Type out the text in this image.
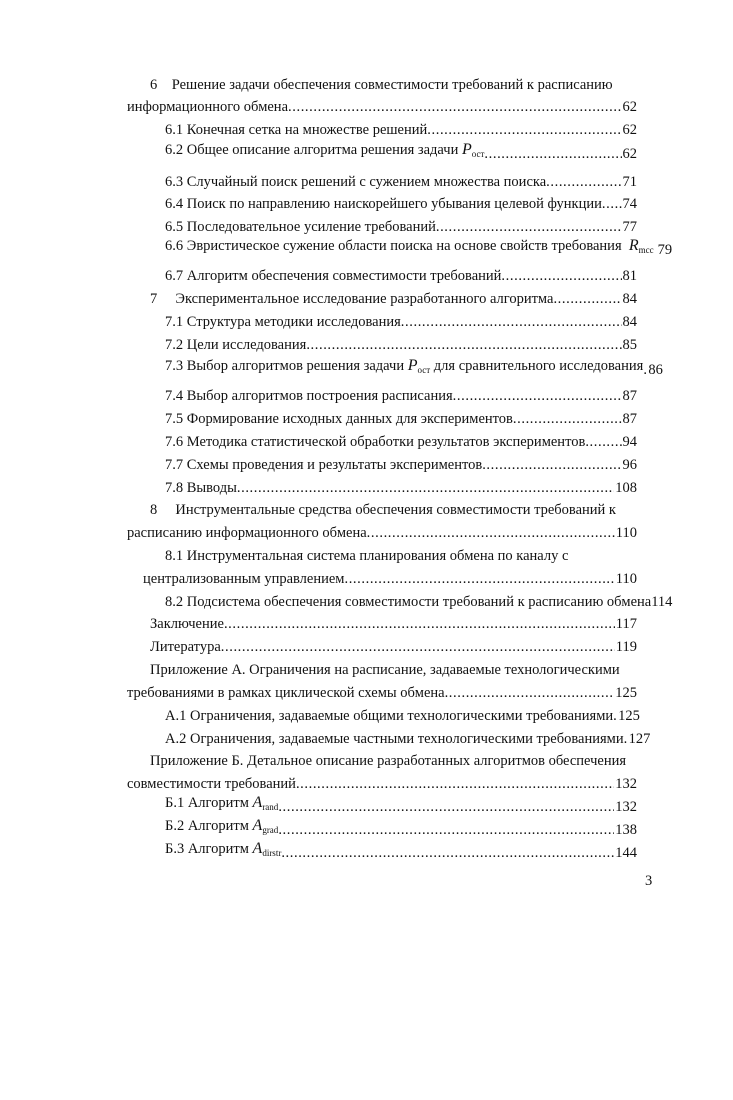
6 Решение задачи обеспечения совместимости требований к расписанию
информационного обмена .....	62
6.1 Конечная сетка на множестве решений .....	62
6.2 Общее описание алгоритма решения задачи $P_{ост}$ .....	62
6.3 Случайный поиск решений с сужением множества поиска .....	71
6.4 Поиск по направлению наискорейшего убывания целевой функции ..... 74
6.5 Последовательное усиление требований .....	77
6.6 Эвристическое сужение области поиска на основе свойств требования $R_{mcc}$ 79
6.7 Алгоритм обеспечения совместимости требований .....	81
7 Экспериментальное исследование разработанного алгоритма .....	84
7.1 Структура методики исследования .....	84
7.2 Цели исследования .....	85
7.3 Выбор алгоритмов решения задачи $P_{ост}$ для сравнительного исследования ..... 86
7.4 Выбор алгоритмов построения расписания .....	87
7.5 Формирование исходных данных для экспериментов .....	87
7.6 Методика статистической обработки результатов экспериментов .....	94
7.7 Схемы проведения и результаты экспериментов .....	96
7.8 Выводы .....	108
8 Инструментальные средства обеспечения совместимости требований к
расписанию информационного обмена .....	110
8.1 Инструментальная система планирования обмена по каналу с
централизованным управлением .....	110
8.2 Подсистема обеспечения совместимости требований к расписанию обмена 114
Заключение .....	117
Литература .....	119
Приложение А. Ограничения на расписание, задаваемые технологическими
требованиями в рамках циклической схемы обмена .....	125
А.1 Ограничения, задаваемые общими технологическими требованиями ..... 125
А.2 Ограничения, задаваемые частными технологическими требованиями ..... 127
Приложение Б. Детальное описание разработанных алгоритмов обеспечения
совместимости требований .....	132
Б.1 Алгоритм $A_{rand}$ .....	132
Б.2 Алгоритм $A_{grad}$ .....	138
Б.3 Алгоритм $A_{dirstr}$ .....	144
3
